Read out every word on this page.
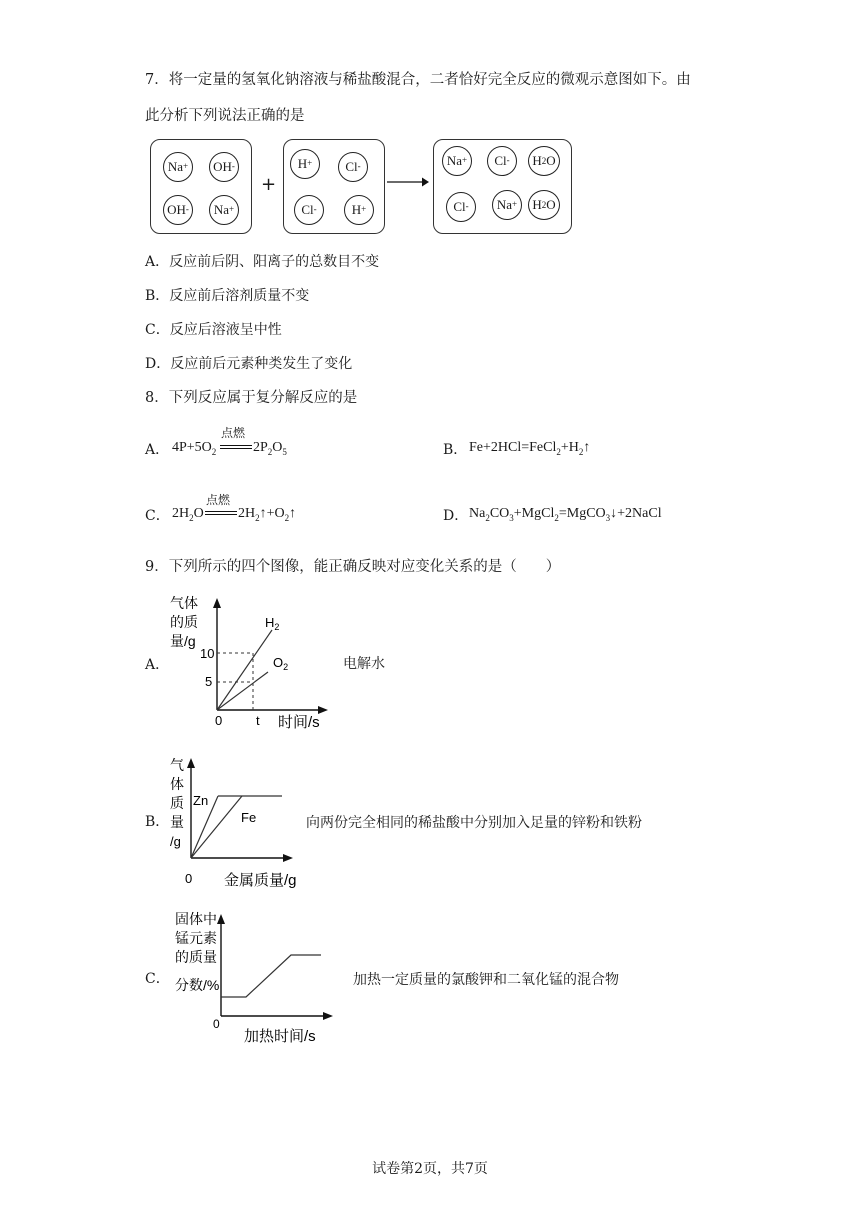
7．将一定量的氢氧化钠溶液与稀盐酸混合，二者恰好完全反应的微观示意图如下。由
此分析下列说法正确的是
Na+	OH-
OH-	Na+
+
H+	Cl-
Cl-	H+
Na+	Cl-	H 2 O
Cl-	Na+	H 2 O
A．反应前后阴、阳离子的总数目不变
B．反应前后溶剂质量不变
C．反应后溶液呈中性
D．反应前后元素种类发生了变化
8．下列反应属于复分解反应的是
A． $4P+5O_2$
点燃
$2P_2O_5$	B． $Fe+2HCl=FeCl_2+H_2↑$
C． $2H_2O$
点燃
$2H_2↑+O_2↑$	D． $Na_2CO_3+MgCl_2=MgCO_3↓+2NaCl$
9．下列所示的四个图像，能正确反映对应变化关系的是（　　）
A．
气体
的质
量/g
10
5
0	t 时间/s
$H_2$
$O_2$	电解水
B．
气
体
质
量
/g
Zn
Fe
0 金属质量/g
向两份完全相同的稀盐酸中分别加入足量的锌粉和铁粉
C．
固体中
锰元素
的质量
分数/%
0
加热时间/s
加热一定质量的氯酸钾和二氧化锰的混合物
试卷第2页，共7页
